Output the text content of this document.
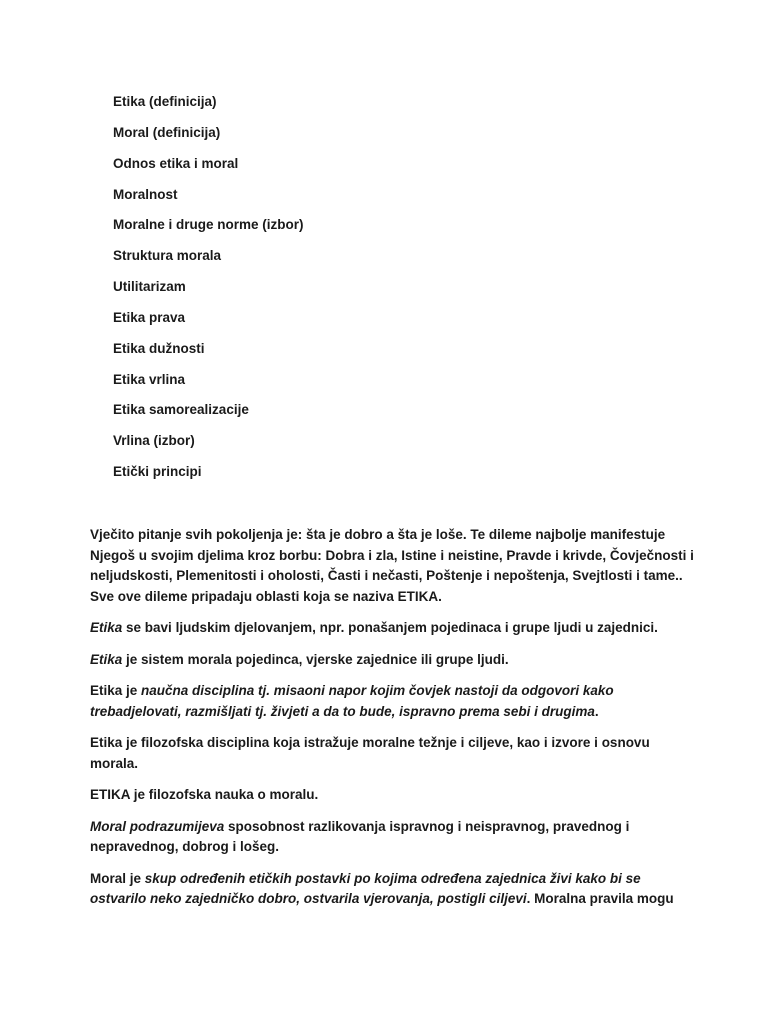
Etika (definicija)
Moral (definicija)
Odnos etika i moral
Moralnost
Moralne i druge norme (izbor)
Struktura morala
Utilitarizam
Etika prava
Etika dužnosti
Etika vrlina
Etika samorealizacije
Vrlina (izbor)
Etički principi

Vječito pitanje svih pokoljenja je: šta je dobro a šta je loše. Te dileme najbolje manifestuje
Njegoš u svojim djelima kroz borbu: Dobra i zla, Istine i neistine, Pravde i krivde, Čovječnosti i
neljudskosti, Plemenitosti i oholosti, Časti i nečasti, Poštenje i nepoštenja, Svejtlosti i tame..
Sve ove dileme pripadaju oblasti koja se naziva ETIKA.

Etika se bavi ljudskim djelovanjem, npr. ponašanjem pojedinaca i grupe ljudi u zajednici.

Etika je sistem morala pojedinca, vjerske zajednice ili grupe ljudi.

Etika je naučna disciplina tj. misaoni napor kojim čovjek nastoji da odgovori kako
trebadjelovati, razmišljati tj. živjeti a da to bude, ispravno prema sebi i drugima.

Etika je filozofska disciplina koja istražuje moralne težnje i ciljeve, kao i izvore i osnovu
morala.

ETIKA je filozofska nauka o moralu.

Moral podrazumijeva sposobnost razlikovanja ispravnog i neispravnog, pravednog i
nepravednog, dobrog i lošeg.

Moral je skup određenih etičkih postavki po kojima određena zajednica živi kako bi se
ostvarilo neko zajedničko dobro, ostvarila vjerovanja, postigli ciljevi. Moralna pravila mogu
